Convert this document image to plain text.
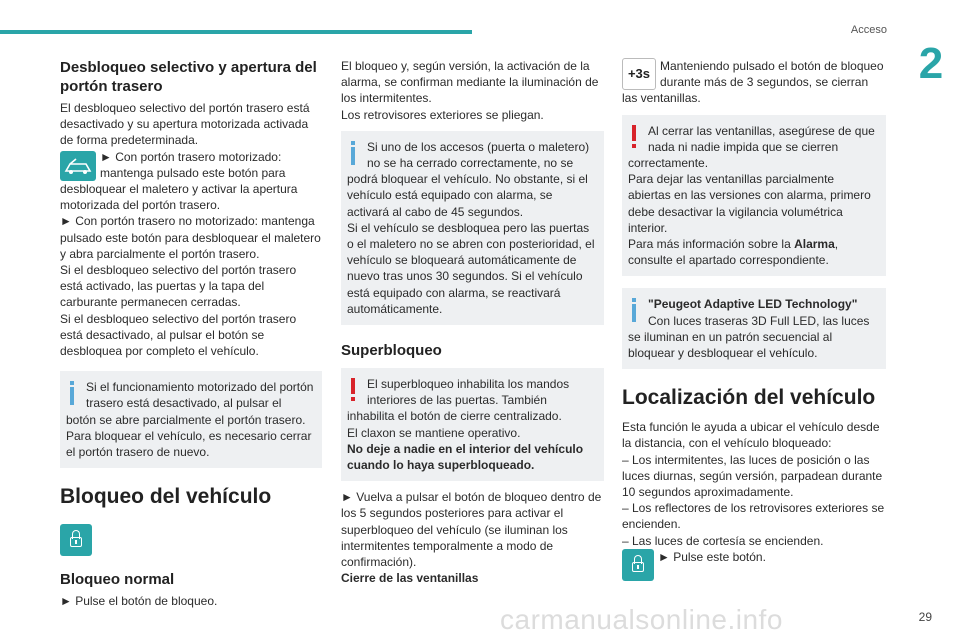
Acceso
2
Desbloqueo selectivo y apertura del portón trasero

El desbloqueo selectivo del portón trasero está desactivado y su apertura motorizada activada de forma predeterminada.

► Con portón trasero motorizado: mantenga pulsado este botón para desbloquear el maletero y activar la apertura motorizada del portón trasero.

► Con portón trasero no motorizado: mantenga pulsado este botón para desbloquear el maletero y abra parcialmente el portón trasero.

Si el desbloqueo selectivo del portón trasero está activado, las puertas y la tapa del carburante permanecen cerradas.

Si el desbloqueo selectivo del portón trasero está desactivado, al pulsar el botón se desbloquea por completo el vehículo.

Si el funcionamiento motorizado del portón trasero está desactivado, al pulsar el botón se abre parcialmente el portón trasero.

Para bloquear el vehículo, es necesario cerrar el portón trasero de nuevo.

Bloqueo del vehículo
Bloqueo normal

► Pulse el botón de bloqueo.

El bloqueo y, según versión, la activación de la alarma, se confirman mediante la iluminación de los intermitentes.

Los retrovisores exteriores se pliegan.

Si uno de los accesos (puerta o maletero) no se ha cerrado correctamente, no se podrá bloquear el vehículo. No obstante, si el vehículo está equipado con alarma, se activará al cabo de 45 segundos.

Si el vehículo se desbloquea pero las puertas o el maletero no se abren con posterioridad, el vehículo se bloqueará automáticamente de nuevo tras unos 30 segundos. Si el vehículo está equipado con alarma, se reactivará automáticamente.

Superbloqueo

El superbloqueo inhabilita los mandos interiores de las puertas. También inhabilita el botón de cierre centralizado.

El claxon se mantiene operativo.

No deje a nadie en el interior del vehículo cuando lo haya superbloqueado.

► Vuelva a pulsar el botón de bloqueo dentro de los 5 segundos posteriores para activar el superbloqueo del vehículo (se iluminan los intermitentes temporalmente a modo de confirmación).

Cierre de las ventanillas

+3s Manteniendo pulsado el botón de bloqueo durante más de 3 segundos, se cierran las ventanillas.

Al cerrar las ventanillas, asegúrese de que nada ni nadie impida que se cierren correctamente.

Para dejar las ventanillas parcialmente abiertas en las versiones con alarma, primero debe desactivar la vigilancia volumétrica interior.

Para más información sobre la Alarma, consulte el apartado correspondiente.

"Peugeot Adaptive LED Technology"

Con luces traseras 3D Full LED, las luces se iluminan en un patrón secuencial al bloquear y desbloquear el vehículo.

Localización del vehículo

Esta función le ayuda a ubicar el vehículo desde la distancia, con el vehículo bloqueado:

– Los intermitentes, las luces de posición o las luces diurnas, según versión, parpadean durante 10 segundos aproximadamente.

– Los reflectores de los retrovisores exteriores se encienden.

– Las luces de cortesía se encienden.

► Pulse este botón.

carmanualsonline.info	29
